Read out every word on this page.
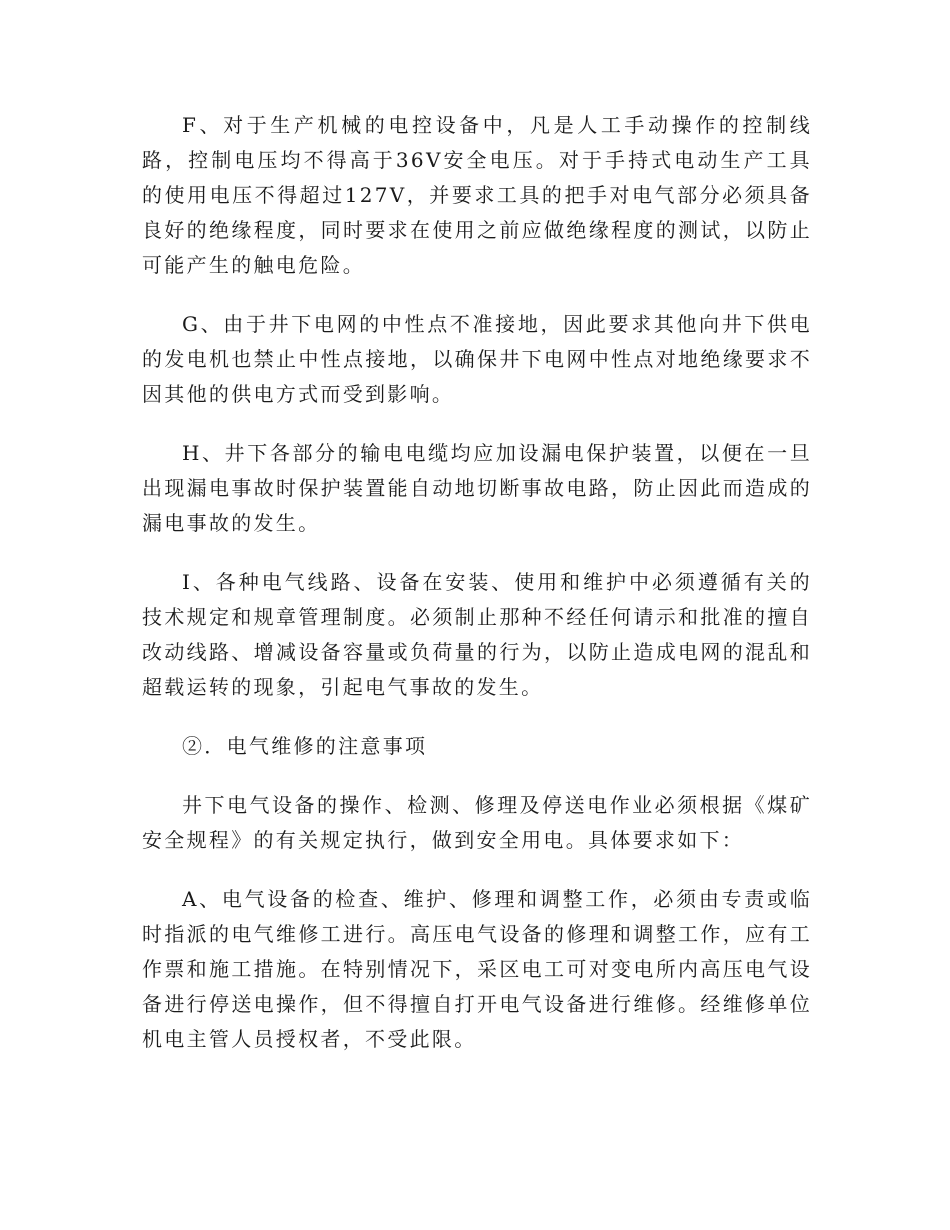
F、对于生产机械的电控设备中，凡是人工手动操作的控制线路，控制电压均不得高于36V安全电压。对于手持式电动生产工具的使用电压不得超过127V，并要求工具的把手对电气部分必须具备良好的绝缘程度，同时要求在使用之前应做绝缘程度的测试，以防止可能产生的触电危险。

G、由于井下电网的中性点不准接地，因此要求其他向井下供电的发电机也禁止中性点接地，以确保井下电网中性点对地绝缘要求不因其他的供电方式而受到影响。

H、井下各部分的输电电缆均应加设漏电保护装置，以便在一旦出现漏电事故时保护装置能自动地切断事故电路，防止因此而造成的漏电事故的发生。

I、各种电气线路、设备在安装、使用和维护中必须遵循有关的技术规定和规章管理制度。必须制止那种不经任何请示和批准的擅自改动线路、增减设备容量或负荷量的行为，以防止造成电网的混乱和超载运转的现象，引起电气事故的发生。

②．电气维修的注意事项

井下电气设备的操作、检测、修理及停送电作业必须根据《煤矿安全规程》的有关规定执行，做到安全用电。具体要求如下：

A、电气设备的检查、维护、修理和调整工作，必须由专责或临时指派的电气维修工进行。高压电气设备的修理和调整工作，应有工作票和施工措施。在特别情况下，采区电工可对变电所内高压电气设备进行停送电操作，但不得擅自打开电气设备进行维修。经维修单位机电主管人员授权者，不受此限。
